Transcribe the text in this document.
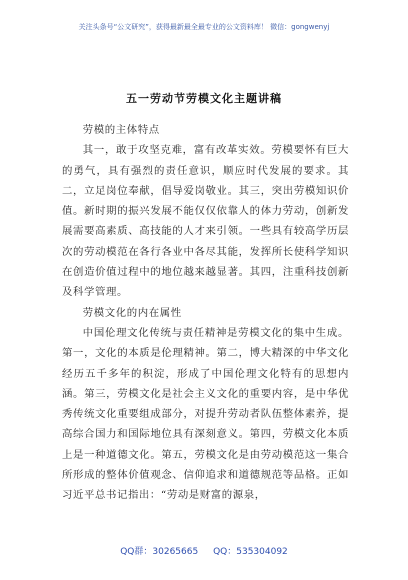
关注头条号“公文研究”，获得最新最全最专业的公文资料库！ 微信：gongwenyj
五一劳动节劳模文化主题讲稿

劳模的主体特点

其一，敢于攻坚克难，富有改革实效。劳模要怀有巨大的勇气，具有强烈的责任意识，顺应时代发展的要求。其二，立足岗位奉献，倡导爱岗敬业。其三，突出劳模知识价值。新时期的振兴发展不能仅仅依靠人的体力劳动，创新发展需要高素质、高技能的人才来引领。一些具有较高学历层次的劳动模范在各行各业中各尽其能，发挥所长使科学知识在创造价值过程中的地位越来越显著。其四，注重科技创新及科学管理。

劳模文化的内在属性

中国伦理文化传统与责任精神是劳模文化的集中生成。第一，文化的本质是伦理精神。第二，博大精深的中华文化经历五千多年的积淀，形成了中国伦理文化特有的思想内涵。第三，劳模文化是社会主义文化的重要内容，是中华优秀传统文化重要组成部分，对提升劳动者队伍整体素养，提高综合国力和国际地位具有深刻意义。第四，劳模文化本质上是一种道德文化。第五，劳模文化是由劳动模范这一集合所形成的整体价值观念、信仰追求和道德规范等品格。正如习近平总书记指出：“劳动是财富的源泉，

QQ群：30265665 QQ：535304092
